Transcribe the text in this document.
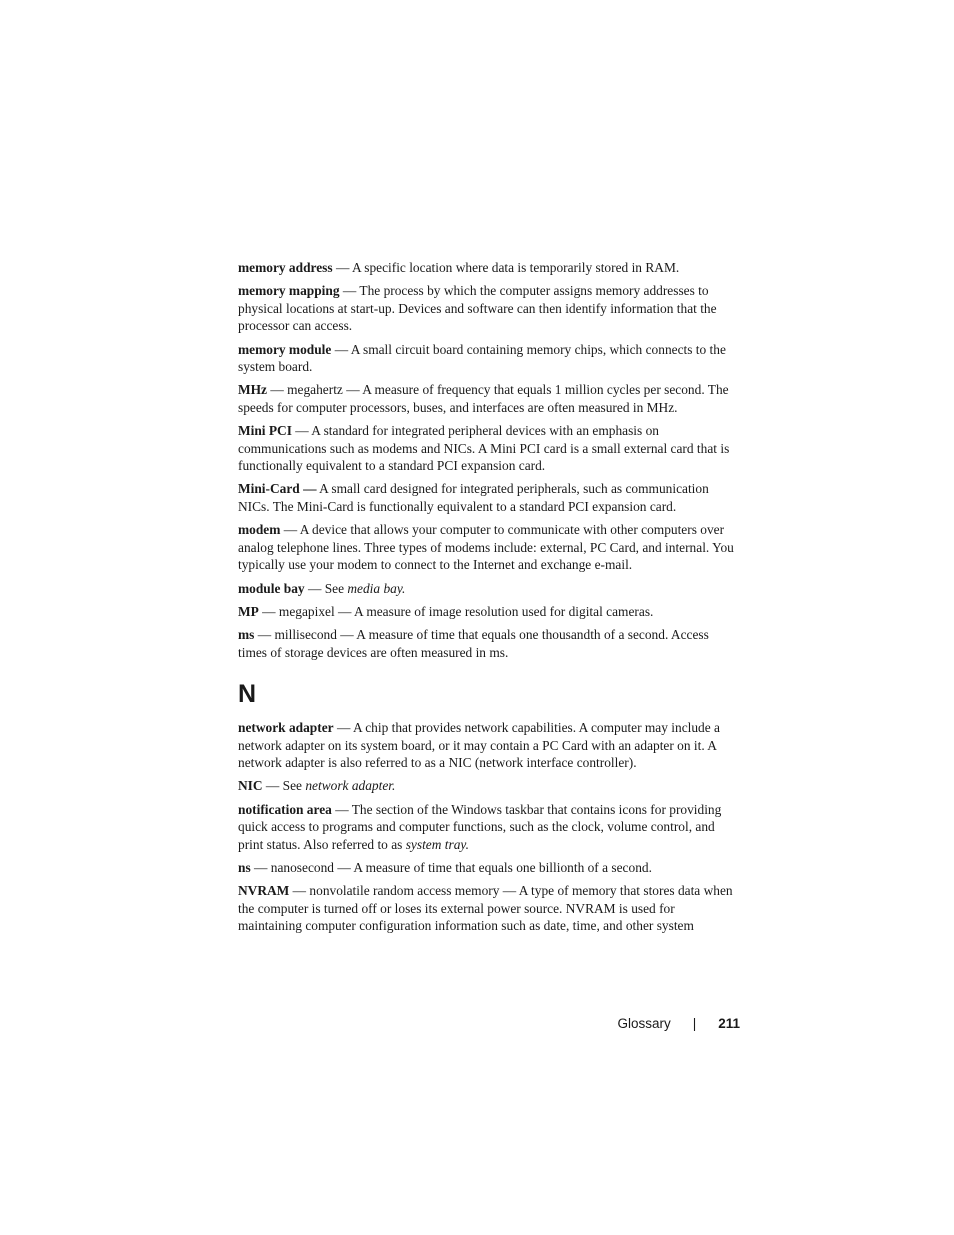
memory address — A specific location where data is temporarily stored in RAM.
memory mapping — The process by which the computer assigns memory addresses to physical locations at start-up. Devices and software can then identify information that the processor can access.
memory module — A small circuit board containing memory chips, which connects to the system board.
MHz — megahertz — A measure of frequency that equals 1 million cycles per second. The speeds for computer processors, buses, and interfaces are often measured in MHz.
Mini PCI — A standard for integrated peripheral devices with an emphasis on communications such as modems and NICs. A Mini PCI card is a small external card that is functionally equivalent to a standard PCI expansion card.
Mini-Card — A small card designed for integrated peripherals, such as communication NICs. The Mini-Card is functionally equivalent to a standard PCI expansion card.
modem — A device that allows your computer to communicate with other computers over analog telephone lines. Three types of modems include: external, PC Card, and internal. You typically use your modem to connect to the Internet and exchange e-mail.
module bay — See media bay.
MP — megapixel — A measure of image resolution used for digital cameras.
ms — millisecond — A measure of time that equals one thousandth of a second. Access times of storage devices are often measured in ms.
N
network adapter — A chip that provides network capabilities. A computer may include a network adapter on its system board, or it may contain a PC Card with an adapter on it. A network adapter is also referred to as a NIC (network interface controller).
NIC — See network adapter.
notification area — The section of the Windows taskbar that contains icons for providing quick access to programs and computer functions, such as the clock, volume control, and print status. Also referred to as system tray.
ns — nanosecond — A measure of time that equals one billionth of a second.
NVRAM — nonvolatile random access memory — A type of memory that stores data when the computer is turned off or loses its external power source. NVRAM is used for maintaining computer configuration information such as date, time, and other system
Glossary | 211
